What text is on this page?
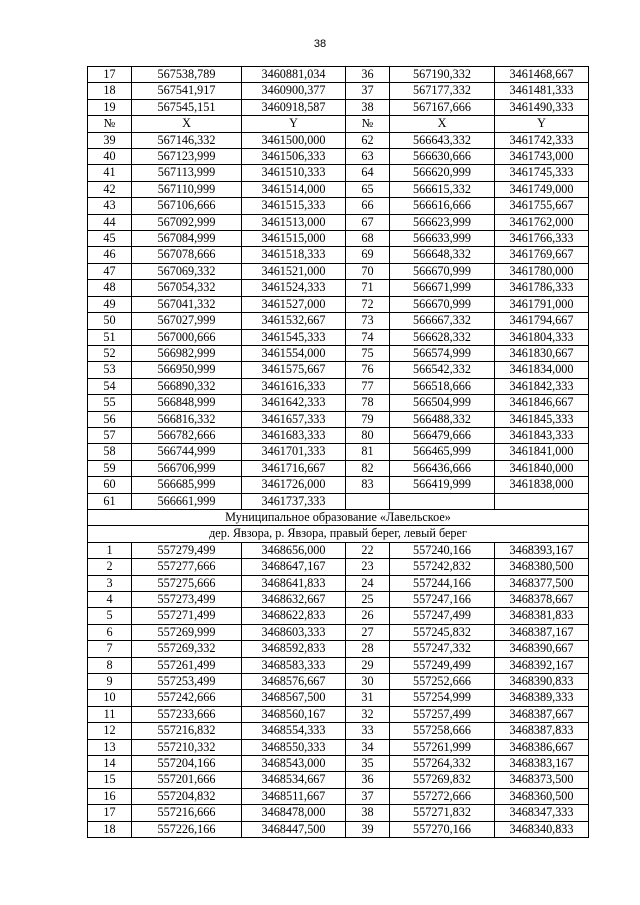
38
17	567538,789	3460881,034	36	567190,332	3461468,667
18	567541,917	3460900,377	37	567177,332	3461481,333
19	567545,151	3460918,587	38	567167,666	3461490,333
№	X	Y	№	X	Y
39	567146,332	3461500,000	62	566643,332	3461742,333
40	567123,999	3461506,333	63	566630,666	3461743,000
41	567113,999	3461510,333	64	566620,999	3461745,333
42	567110,999	3461514,000	65	566615,332	3461749,000
43	567106,666	3461515,333	66	566616,666	3461755,667
44	567092,999	3461513,000	67	566623,999	3461762,000
45	567084,999	3461515,000	68	566633,999	3461766,333
46	567078,666	3461518,333	69	566648,332	3461769,667
47	567069,332	3461521,000	70	566670,999	3461780,000
48	567054,332	3461524,333	71	566671,999	3461786,333
49	567041,332	3461527,000	72	566670,999	3461791,000
50	567027,999	3461532,667	73	566667,332	3461794,667
51	567000,666	3461545,333	74	566628,332	3461804,333
52	566982,999	3461554,000	75	566574,999	3461830,667
53	566950,999	3461575,667	76	566542,332	3461834,000
54	566890,332	3461616,333	77	566518,666	3461842,333
55	566848,999	3461642,333	78	566504,999	3461846,667
56	566816,332	3461657,333	79	566488,332	3461845,333
57	566782,666	3461683,333	80	566479,666	3461843,333
58	566744,999	3461701,333	81	566465,999	3461841,000
59	566706,999	3461716,667	82	566436,666	3461840,000
60	566685,999	3461726,000	83	566419,999	3461838,000
61	566661,999	3461737,333			
Муниципальное образование «Лавельское»					
дер. Явзора, р. Явзора, правый берег, левый берег					
1	557279,499	3468656,000	22	557240,166	3468393,167
2	557277,666	3468647,167	23	557242,832	3468380,500
3	557275,666	3468641,833	24	557244,166	3468377,500
4	557273,499	3468632,667	25	557247,166	3468378,667
5	557271,499	3468622,833	26	557247,499	3468381,833
6	557269,999	3468603,333	27	557245,832	3468387,167
7	557269,332	3468592,833	28	557247,332	3468390,667
8	557261,499	3468583,333	29	557249,499	3468392,167
9	557253,499	3468576,667	30	557252,666	3468390,833
10	557242,666	3468567,500	31	557254,999	3468389,333
11	557233,666	3468560,167	32	557257,499	3468387,667
12	557216,832	3468554,333	33	557258,666	3468387,833
13	557210,332	3468550,333	34	557261,999	3468386,667
14	557204,166	3468543,000	35	557264,332	3468383,167
15	557201,666	3468534,667	36	557269,832	3468373,500
16	557204,832	3468511,667	37	557272,666	3468360,500
17	557216,666	3468478,000	38	557271,832	3468347,333
18	557226,166	3468447,500	39	557270,166	3468340,833
